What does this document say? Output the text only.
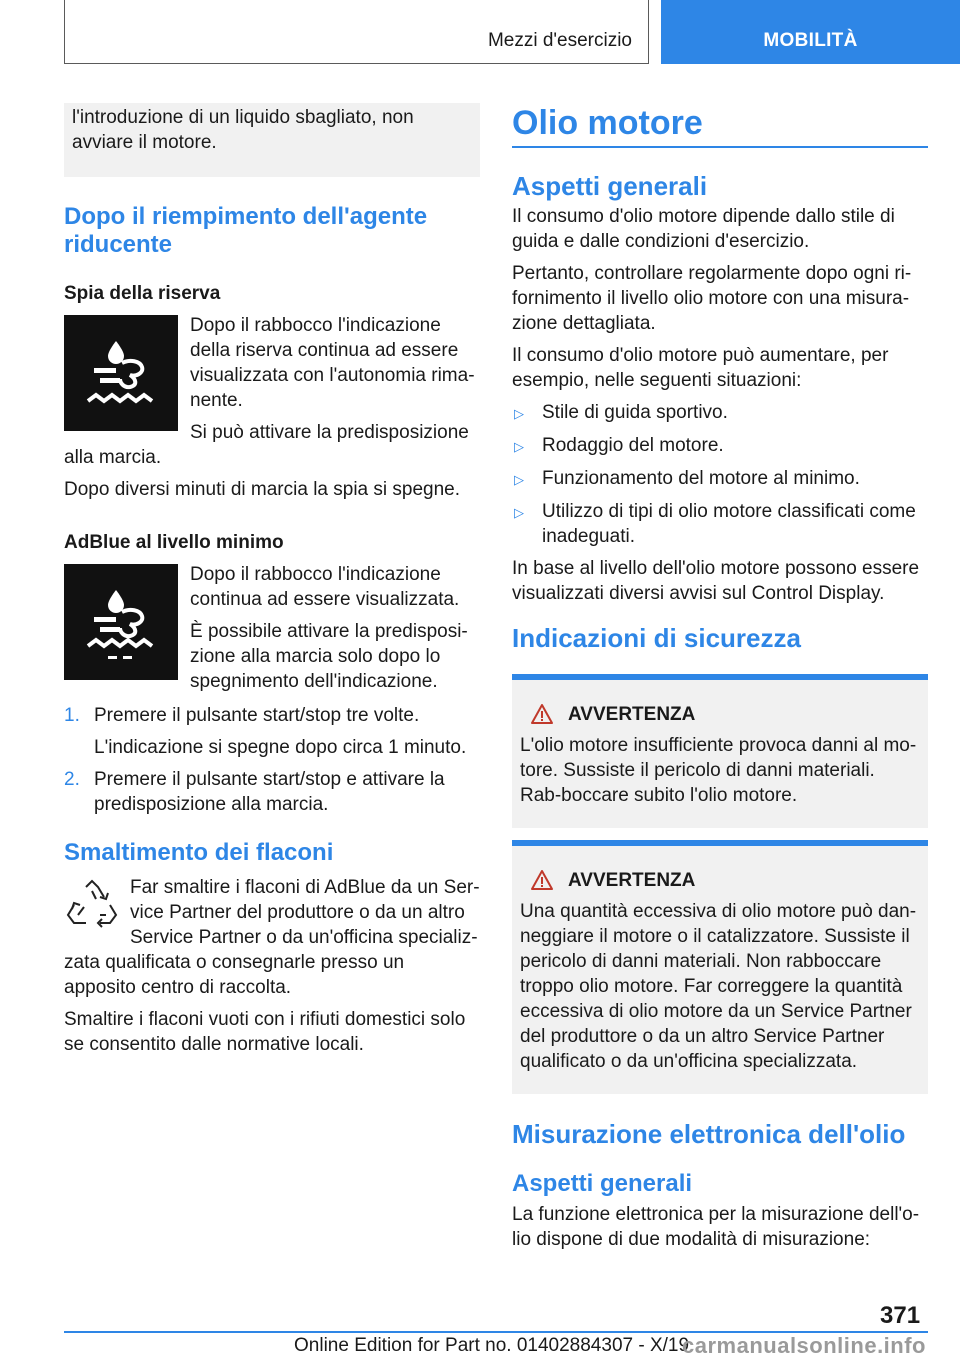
Mezzi d'esercizio	MOBILITÀ

l'introduzione di un liquido sbagliato, non avviare il motore.

Dopo il riempimento dell'agente riducente
Spia della riserva

Dopo il rabbocco l'indicazione della riserva continua ad essere visualizzata con l'autonomia rima-nente.

Si può attivare la predisposizione alla marcia.

Dopo diversi minuti di marcia la spia si spegne.

AdBlue al livello minimo

Dopo il rabbocco l'indicazione continua ad essere visualizzata.

È possibile attivare la predisposi-zione alla marcia solo dopo lo spegnimento dell'indicazione.

1. Premere il pulsante start/stop tre volte.
L'indicazione si spegne dopo circa 1 minuto.
2. Premere il pulsante start/stop e attivare la predisposizione alla marcia.
Smaltimento dei flaconi

Far smaltire i flaconi di AdBlue da un Ser-vice Partner del produttore o da un altro Service Partner o da un'officina specializ-zata qualificata o consegnarle presso un apposito centro di raccolta.

Smaltire i flaconi vuoti con i rifiuti domestici solo se consentito dalle normative locali.

Olio motore
Aspetti generali

Il consumo d'olio motore dipende dallo stile di guida e dalle condizioni d'esercizio.

Pertanto, controllare regolarmente dopo ogni ri-fornimento il livello olio motore con una misura-zione dettagliata.

Il consumo d'olio motore può aumentare, per esempio, nelle seguenti situazioni:

▷ Stile di guida sportivo.
▷ Rodaggio del motore.
▷ Funzionamento del motore al minimo.
▷ Utilizzo di tipi di olio motore classificati come inadeguati.

In base al livello dell'olio motore possono essere visualizzati diversi avvisi sul Control Display.

Indicazioni di sicurezza
AVVERTENZA

L'olio motore insufficiente provoca danni al mo-tore. Sussiste il pericolo di danni materiali. Rab-boccare subito l'olio motore.

AVVERTENZA

Una quantità eccessiva di olio motore può dan-neggiare il motore o il catalizzatore. Sussiste il pericolo di danni materiali. Non rabboccare troppo olio motore. Far correggere la quantità eccessiva di olio motore da un Service Partner del produttore o da un altro Service Partner qualificato o da un'officina specializzata.

Misurazione elettronica dell'olio
Aspetti generali

La funzione elettronica per la misurazione dell'o-lio dispone di due modalità di misurazione:

371
Online Edition for Part no. 01402884307 - X/19
carmanualsonline.info
